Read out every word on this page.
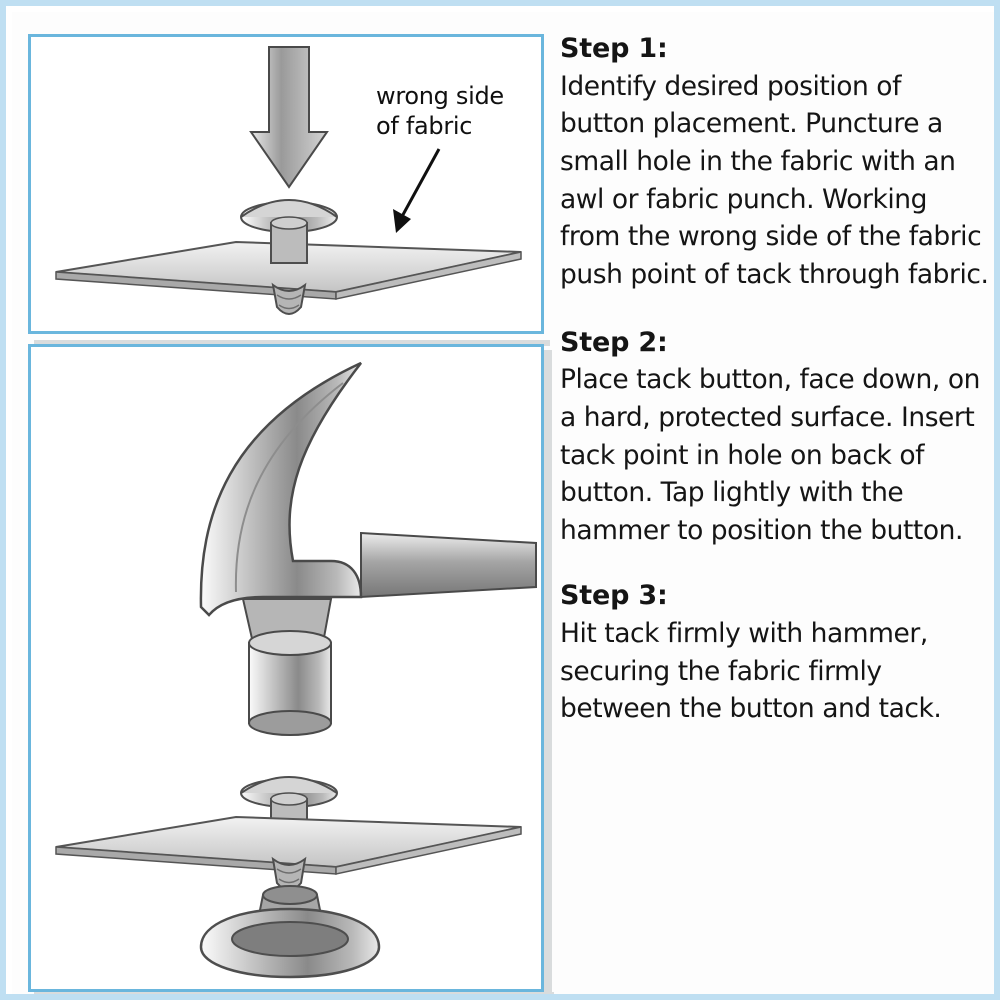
wrong side
of fabric
Step 1:
Identify desired position of button placement. Puncture a small hole in the fabric with an awl or fabric punch. Working from the wrong side of the fabric push point of tack through fabric.
Step 2:
Place tack button, face down, on a hard, protected surface. Insert tack point in hole on back of button. Tap lightly with the hammer to position the button.
Step 3:
Hit tack firmly with hammer, securing the fabric firmly between the button and tack.
